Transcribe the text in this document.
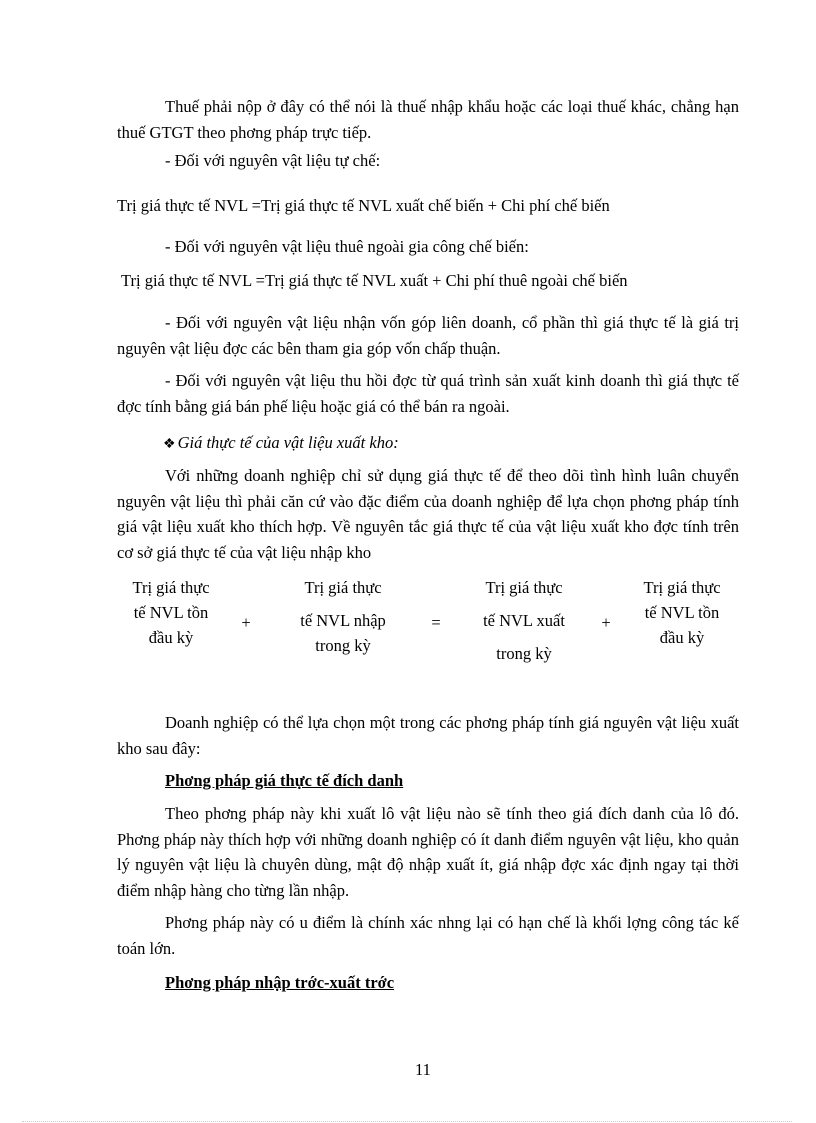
Thuế phải nộp ở đây có thể nói là thuế nhập khẩu hoặc các loại thuế khác, chẳng hạn thuế GTGT theo phơng pháp trực tiếp.

- Đối với nguyên vật liệu tự chế:

Trị giá thực tế NVL =Trị giá thực tế NVL xuất chế biến + Chi phí chế biến

- Đối với nguyên vật liệu thuê ngoài gia công chế biến:

Trị giá thực tế NVL =Trị giá thực tế NVL xuất + Chi phí thuê ngoài chế biến

- Đối với nguyên vật liệu nhận vốn góp liên doanh, cổ phần thì giá thực tế là giá trị nguyên vật liệu đợc các bên tham gia góp vốn chấp thuận.

- Đối với nguyên vật liệu thu hồi đợc từ quá trình sản xuất kinh doanh thì giá thực tế đợc tính bằng giá bán phế liệu hoặc giá có thể bán ra ngoài.

❖ Giá thực tế của vật liệu xuất kho:

Với những doanh nghiệp chỉ sử dụng giá thực tế để theo dõi tình hình luân chuyển nguyên vật liệu thì phải căn cứ vào đặc điểm của doanh nghiệp để lựa chọn phơng pháp tính giá vật liệu xuất kho thích hợp. Về nguyên tắc giá thực tế của vật liệu xuất kho đợc tính trên cơ sở giá thực tế của vật liệu nhập kho

Trị giá thực
tế NVL tồn
đầu kỳ
+
Trị giá thực
tế NVL nhập
trong kỳ
=
Trị giá thực
tế NVL xuất
trong kỳ
+
Trị giá thực
tế NVL tồn
đầu kỳ

Doanh nghiệp có thể lựa chọn một trong các phơng pháp tính giá nguyên vật liệu xuất kho sau đây:

Phơng pháp giá thực tế đích danh

Theo phơng pháp này khi xuất lô vật liệu nào sẽ tính theo giá đích danh của lô đó. Phơng pháp này thích hợp với những doanh nghiệp có ít danh điểm nguyên vật liệu, kho quản lý nguyên vật liệu là chuyên dùng, mật độ nhập xuất ít, giá nhập đợc xác định ngay tại thời điểm nhập hàng cho từng lần nhập.

Phơng pháp này có u điểm là chính xác nhng lại có hạn chế là khối lợng công tác kế toán lớn.

Phơng pháp nhập trớc-xuất trớc
11
